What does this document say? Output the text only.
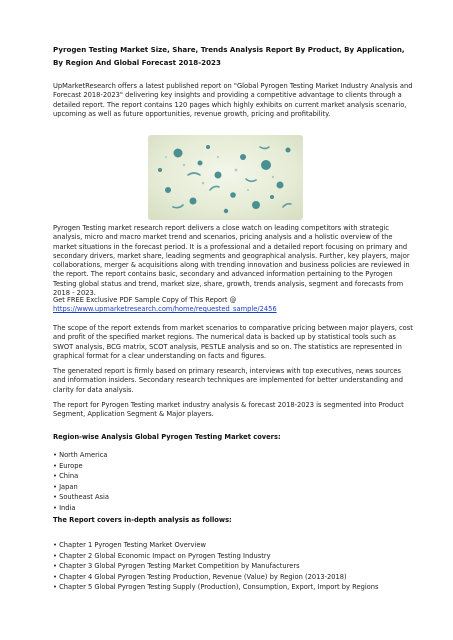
Pyrogen Testing Market Size, Share, Trends Analysis Report By Product, By Application, By Region And Global Forecast 2018-2023

UpMarketResearch offers a latest published report on "Global Pyrogen Testing Market Industry Analysis and Forecast 2018-2023" delivering key insights and providing a competitive advantage to clients through a detailed report. The report contains 120 pages which highly exhibits on current market analysis scenario, upcoming as well as future opportunities, revenue growth, pricing and profitability.

Pyrogen Testing market research report delivers a close watch on leading competitors with strategic analysis, micro and macro market trend and scenarios, pricing analysis and a holistic overview of the market situations in the forecast period. It is a professional and a detailed report focusing on primary and secondary drivers, market share, leading segments and geographical analysis. Further, key players, major collaborations, merger & acquisitions along with trending innovation and business policies are reviewed in the report. The report contains basic, secondary and advanced information pertaining to the Pyrogen Testing global status and trend, market size, share, growth, trends analysis, segment and forecasts from 2018 - 2023.

Get FREE Exclusive PDF Sample Copy of This Report @
https://www.upmarketresearch.com/home/requested_sample/2456

The scope of the report extends from market scenarios to comparative pricing between major players, cost and profit of the specified market regions. The numerical data is backed up by statistical tools such as SWOT analysis, BCG matrix, SCOT analysis, PESTLE analysis and so on. The statistics are represented in graphical format for a clear understanding on facts and figures.

The generated report is firmly based on primary research, interviews with top executives, news sources and information insiders. Secondary research techniques are implemented for better understanding and clarity for data analysis.

The report for Pyrogen Testing market industry analysis & forecast 2018-2023 is segmented into Product Segment, Application Segment & Major players.

Region-wise Analysis Global Pyrogen Testing Market covers:

• North America
• Europe
• China
• Japan
• Southeast Asia
• India

The Report covers in-depth analysis as follows:

• Chapter 1 Pyrogen Testing Market Overview
• Chapter 2 Global Economic Impact on Pyrogen Testing Industry
• Chapter 3 Global Pyrogen Testing Market Competition by Manufacturers
• Chapter 4 Global Pyrogen Testing Production, Revenue (Value) by Region (2013-2018)
• Chapter 5 Global Pyrogen Testing Supply (Production), Consumption, Export, Import by Regions
